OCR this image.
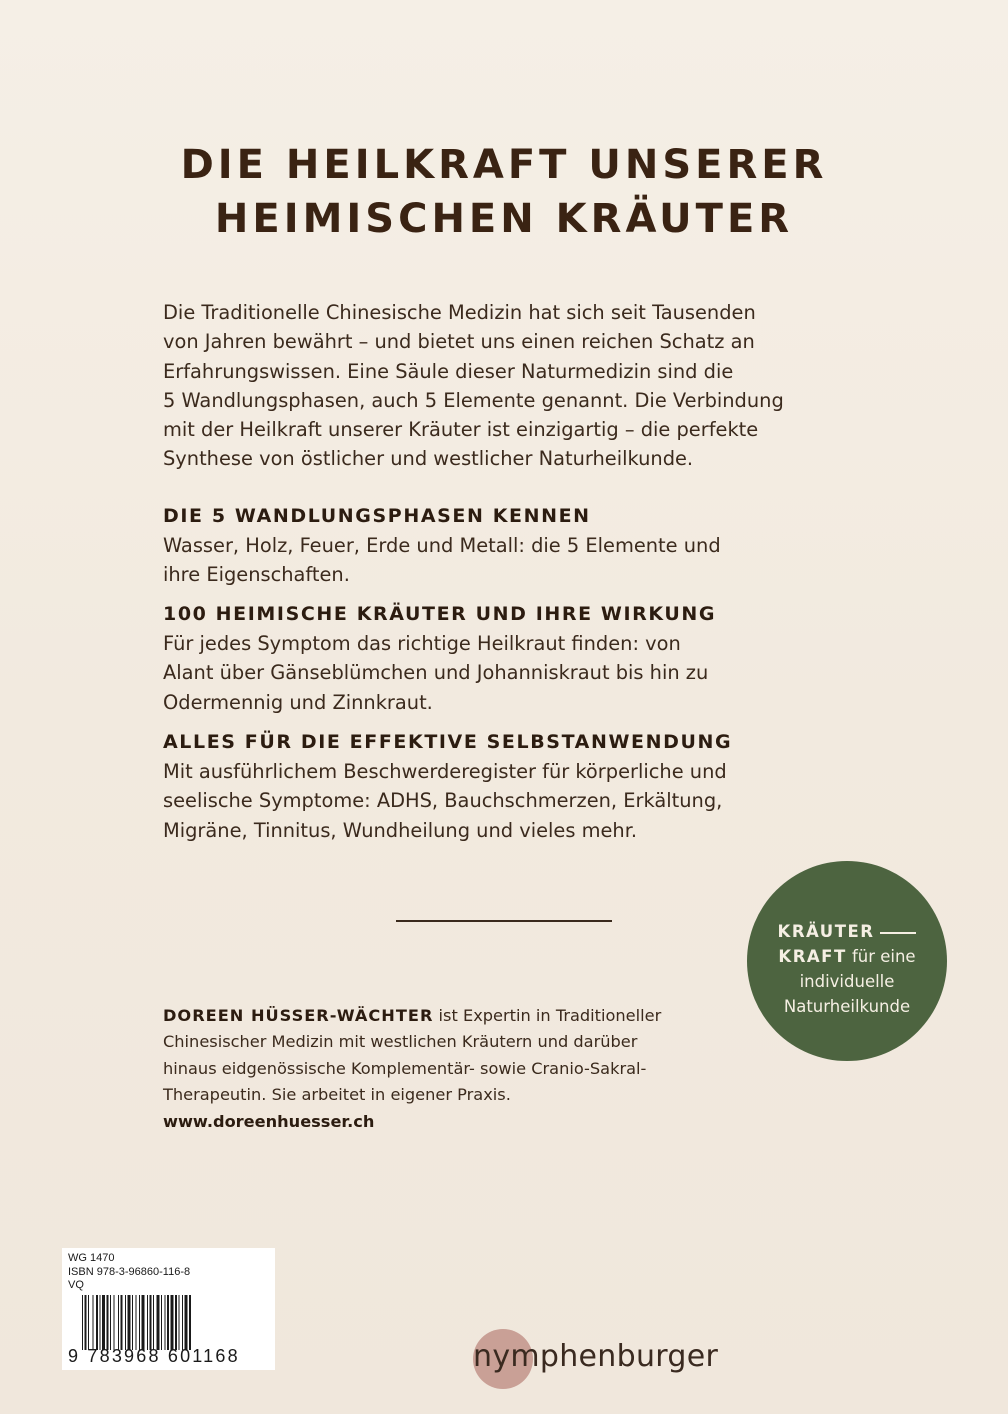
DIE HEILKRAFT UNSERER
HEIMISCHEN KRÄUTER
Die Traditionelle Chinesische Medizin hat sich seit Tausenden
von Jahren bewährt – und bietet uns einen reichen Schatz an
Erfahrungswissen. Eine Säule dieser Naturmedizin sind die
5 Wandlungsphasen, auch 5 Elemente genannt. Die Verbindung
mit der Heilkraft unserer Kräuter ist einzigartig – die perfekte
Synthese von östlicher und westlicher Naturheilkunde.
DIE 5 WANDLUNGSPHASEN KENNEN
Wasser, Holz, Feuer, Erde und Metall: die 5 Elemente und
ihre Eigenschaften.
100 HEIMISCHE KRÄUTER UND IHRE WIRKUNG
Für jedes Symptom das richtige Heilkraut finden: von
Alant über Gänseblümchen und Johanniskraut bis hin zu
Odermennig und Zinnkraut.
ALLES FÜR DIE EFFEKTIVE SELBSTANWENDUNG
Mit ausführlichem Beschwerderegister für körperliche und
seelische Symptome: ADHS, Bauchschmerzen, Erkältung,
Migräne, Tinnitus, Wundheilung und vieles mehr.
KRÄUTER
KRAFT für eine
individuelle
Naturheilkunde
DOREEN HÜSSER-WÄCHTER ist Expertin in Traditioneller
Chinesischer Medizin mit westlichen Kräutern und darüber
hinaus eidgenössische Komplementär- sowie Cranio-Sakral-
Therapeutin. Sie arbeitet in eigener Praxis.
www.doreenhuesser.ch
WG 1470
ISBN 978-3-96860-116-8
VQ
9 783968 601168	nymphenburger
